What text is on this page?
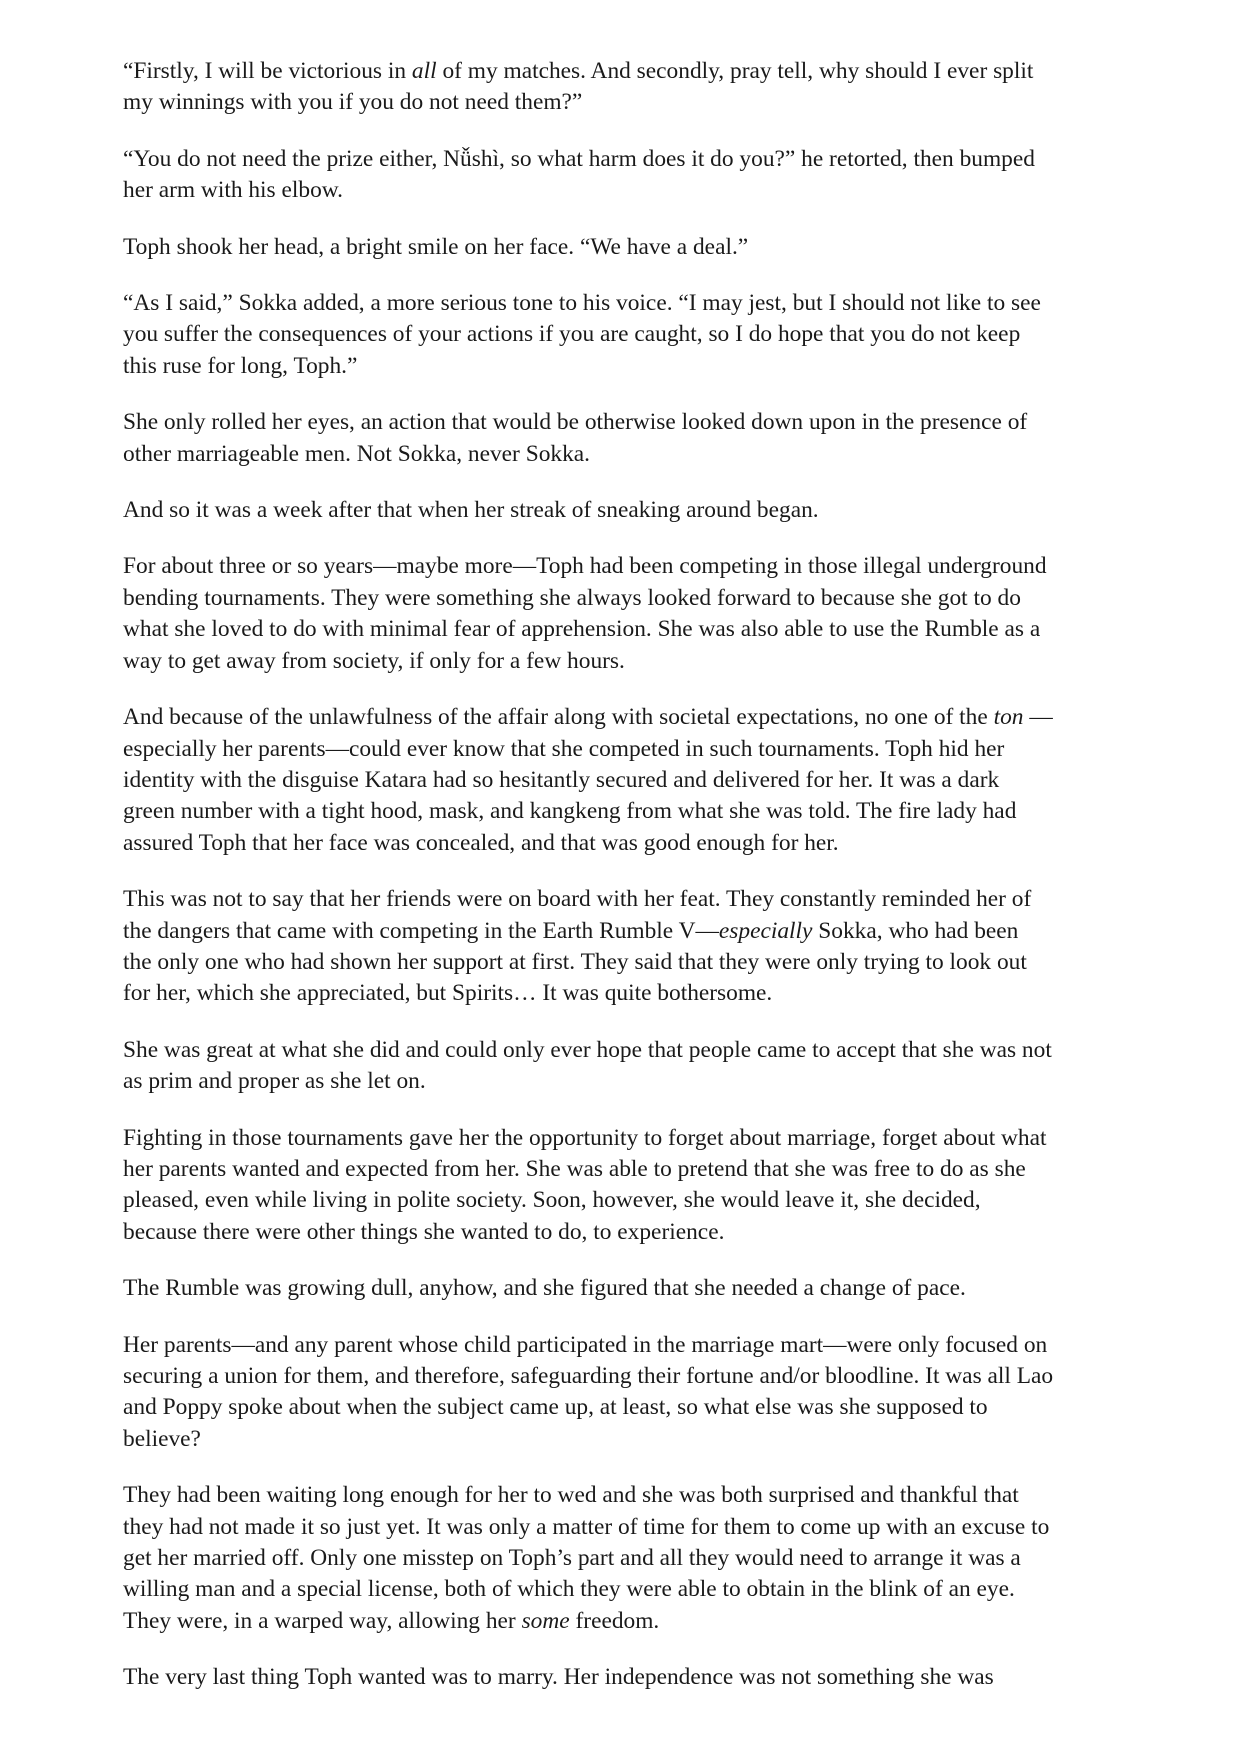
“Firstly, I will be victorious in all of my matches. And secondly, pray tell, why should I ever split
my winnings with you if you do not need them?”

“You do not need the prize either, Nǚshì, so what harm does it do you?” he retorted, then bumped
her arm with his elbow.

Toph shook her head, a bright smile on her face. “We have a deal.”

“As I said,” Sokka added, a more serious tone to his voice. “I may jest, but I should not like to see
you suffer the consequences of your actions if you are caught, so I do hope that you do not keep
this ruse for long, Toph.”

She only rolled her eyes, an action that would be otherwise looked down upon in the presence of
other marriageable men. Not Sokka, never Sokka.

And so it was a week after that when her streak of sneaking around began.

For about three or so years—maybe more—Toph had been competing in those illegal underground
bending tournaments. They were something she always looked forward to because she got to do
what she loved to do with minimal fear of apprehension. She was also able to use the Rumble as a
way to get away from society, if only for a few hours.

And because of the unlawfulness of the affair along with societal expectations, no one of the ton —
especially her parents—could ever know that she competed in such tournaments. Toph hid her
identity with the disguise Katara had so hesitantly secured and delivered for her. It was a dark
green number with a tight hood, mask, and kangkeng from what she was told. The fire lady had
assured Toph that her face was concealed, and that was good enough for her.

This was not to say that her friends were on board with her feat. They constantly reminded her of
the dangers that came with competing in the Earth Rumble V—especially Sokka, who had been
the only one who had shown her support at first. They said that they were only trying to look out
for her, which she appreciated, but Spirits… It was quite bothersome.

She was great at what she did and could only ever hope that people came to accept that she was not
as prim and proper as she let on.

Fighting in those tournaments gave her the opportunity to forget about marriage, forget about what
her parents wanted and expected from her. She was able to pretend that she was free to do as she
pleased, even while living in polite society. Soon, however, she would leave it, she decided,
because there were other things she wanted to do, to experience.

The Rumble was growing dull, anyhow, and she figured that she needed a change of pace.

Her parents—and any parent whose child participated in the marriage mart—were only focused on
securing a union for them, and therefore, safeguarding their fortune and/or bloodline. It was all Lao
and Poppy spoke about when the subject came up, at least, so what else was she supposed to
believe?

They had been waiting long enough for her to wed and she was both surprised and thankful that
they had not made it so just yet. It was only a matter of time for them to come up with an excuse to
get her married off. Only one misstep on Toph’s part and all they would need to arrange it was a
willing man and a special license, both of which they were able to obtain in the blink of an eye.
They were, in a warped way, allowing her some freedom.

The very last thing Toph wanted was to marry. Her independence was not something she was
